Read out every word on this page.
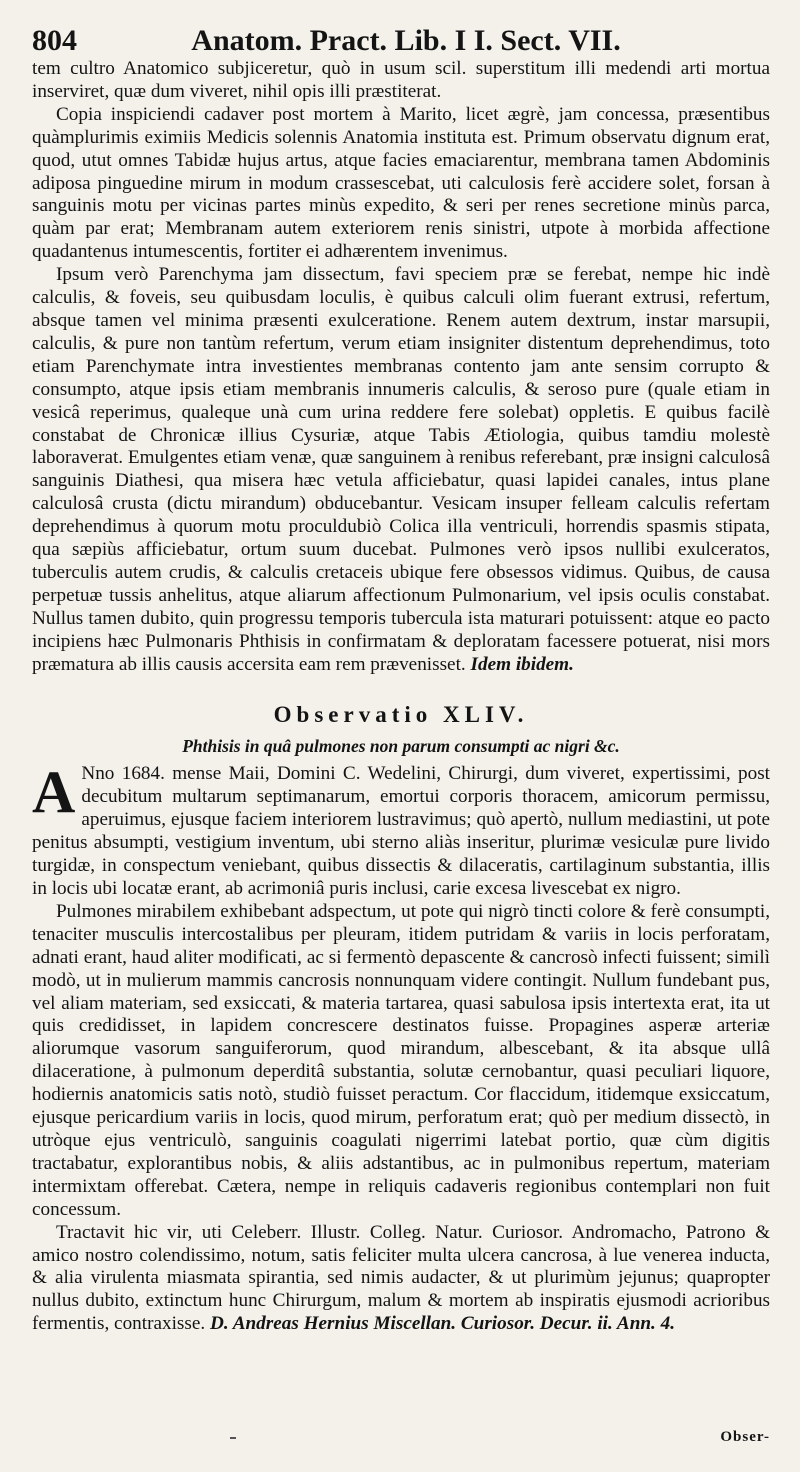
804	Anatom. Pract. Lib. I I. Sect. VII.

tem cultro Anatomico subjiceretur, quò in usum scil. superstitum illi medendi arti mortua inserviret, quæ dum viveret, nihil opis illi præstiterat.

Copia inspiciendi cadaver post mortem à Marito, licet ægrè, jam concessa, præsentibus quàmplurimis eximiis Medicis solennis Anatomia instituta est. Primum observatu dignum erat, quod, utut omnes Tabidæ hujus artus, atque facies emaciarentur, membrana tamen Abdominis adiposa pinguedine mirum in modum crassescebat, uti calculosis ferè accidere solet, forsan à sanguinis motu per vicinas partes minùs expedito, & seri per renes secretione minùs parca, quàm par erat; Membranam autem exteriorem renis sinistri, utpote à morbida affectione quadantenus intumescentis, fortiter ei adhærentem invenimus.

Ipsum verò Parenchyma jam dissectum, favi speciem præ se ferebat, nempe hic indè calculis, & foveis, seu quibusdam loculis, è quibus calculi olim fuerant extrusi, refertum, absque tamen vel minima præsenti exulceratione. Renem autem dextrum, instar marsupii, calculis, & pure non tantùm refertum, verum etiam insigniter distentum deprehendimus, toto etiam Parenchymate intra investientes membranas contento jam ante sensim corrupto & consumpto, atque ipsis etiam membranis innumeris calculis, & seroso pure (quale etiam in vesicâ reperimus, qualeque unà cum urina reddere fere solebat) oppletis. E quibus facilè constabat de Chronicæ illius Cysuriæ, atque Tabis Ætiologia, quibus tamdiu molestè laboraverat. Emulgentes etiam venæ, quæ sanguinem à renibus referebant, præ insigni calculosâ sanguinis Diathesi, qua misera hæc vetula afficiebatur, quasi lapidei canales, intus plane calculosâ crusta (dictu mirandum) obducebantur. Vesicam insuper felleam calculis refertam deprehendimus à quorum motu proculdubiò Colica illa ventriculi, horrendis spasmis stipata, qua sæpiùs afficiebatur, ortum suum ducebat. Pulmones verò ipsos nullibi exulceratos, tuberculis autem crudis, & calculis cretaceis ubique fere obsessos vidimus. Quibus, de causa perpetuæ tussis anhelitus, atque aliarum affectionum Pulmonarium, vel ipsis oculis constabat. Nullus tamen dubito, quin progressu temporis tubercula ista maturari potuissent: atque eo pacto incipiens hæc Pulmonaris Phthisis in confirmatam & deploratam facessere potuerat, nisi mors præmatura ab illis causis accersita eam rem prævenisset. Idem ibidem.

Observatio XLIV.
Phthisis in quâ pulmones non parum consumpti ac nigri &c.

A Nno 1684. mense Maii, Domini C. Wedelini, Chirurgi, dum viveret, expertissimi, post decubitum multarum septimanarum, emortui corporis thoracem, amicorum permissu, aperuimus, ejusque faciem interiorem lustravimus; quò apertò, nullum mediastini, ut pote penitus absumpti, vestigium inventum, ubi sterno aliàs inseritur, plurimæ vesiculæ pure livido turgidæ, in conspectum veniebant, quibus dissectis & dilaceratis, cartilaginum substantia, illis in locis ubi locatæ erant, ab acrimoniâ puris inclusi, carie excesa livescebat ex nigro.

Pulmones mirabilem exhibebant adspectum, ut pote qui nigrò tincti colore & ferè consumpti, tenaciter musculis intercostalibus per pleuram, itidem putridam & variis in locis perforatam, adnati erant, haud aliter modificati, ac si fermentò depascente & cancrosò infecti fuissent; similì modò, ut in mulierum mammis cancrosis nonnunquam videre contingit. Nullum fundebant pus, vel aliam materiam, sed exsiccati, & materia tartarea, quasi sabulosa ipsis intertexta erat, ita ut quis credidisset, in lapidem concrescere destinatos fuisse. Propagines asperæ arteriæ aliorumque vasorum sanguiferorum, quod mirandum, albescebant, & ita absque ullâ dilaceratione, à pulmonum deperditâ substantia, solutæ cernobantur, quasi peculiari liquore, hodiernis anatomicis satis notò, studiò fuisset peractum. Cor flaccidum, itidemque exsiccatum, ejusque pericardium variis in locis, quod mirum, perforatum erat; quò per medium dissectò, in utròque ejus ventriculò, sanguinis coagulati nigerrimi latebat portio, quæ cùm digitis tractabatur, explorantibus nobis, & aliis adstantibus, ac in pulmonibus repertum, materiam intermixtam offerebat. Cætera, nempe in reliquis cadaveris regionibus contemplari non fuit concessum.

Tractavit hic vir, uti Celeberr. Illustr. Colleg. Natur. Curiosor. Andromacho, Patrono & amico nostro colendissimo, notum, satis feliciter multa ulcera cancrosa, à lue venerea inducta, & alia virulenta miasmata spirantia, sed nimis audacter, & ut plurimùm jejunus; quapropter nullus dubito, extinctum hunc Chirurgum, malum & mortem ab inspiratis ejusmodi acrioribus fermentis, contraxisse. D. Andreas Hernius Miscellan. Curiosor. Decur. ii. Ann. 4.

Obser-
